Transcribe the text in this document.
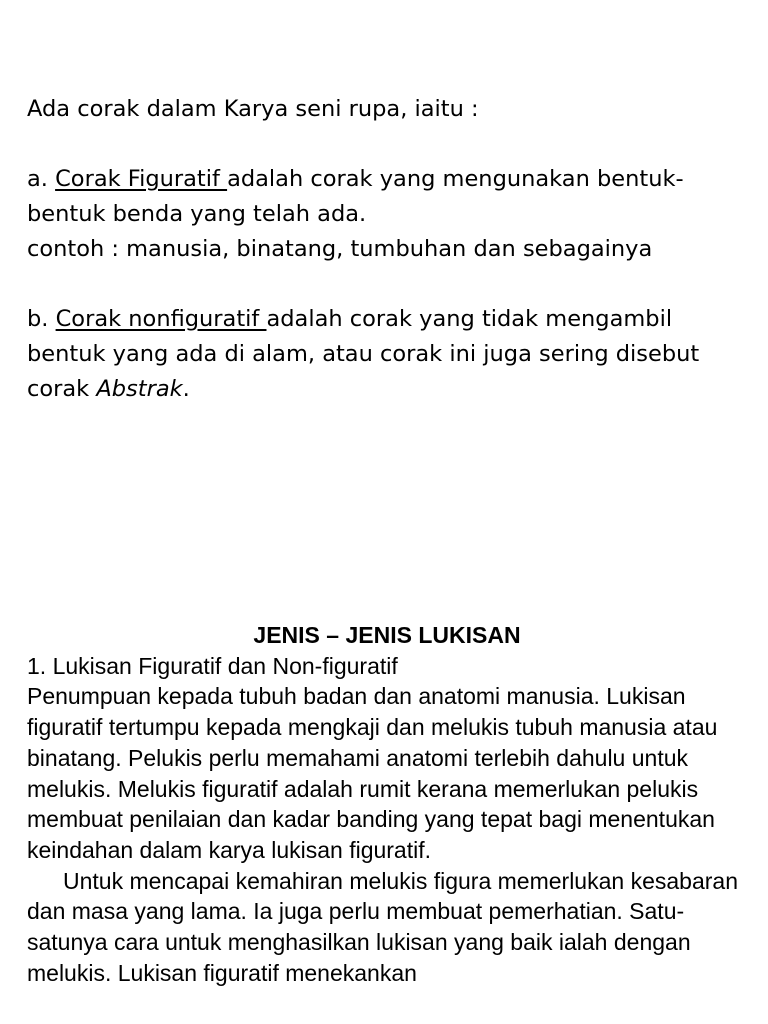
Ada corak dalam Karya seni rupa, iaitu :

a. Corak Figuratif adalah corak yang mengunakan bentuk-bentuk benda yang telah ada.

contoh : manusia, binatang, tumbuhan dan sebagainya

b. Corak nonfiguratif adalah corak yang tidak mengambil bentuk yang ada di alam, atau corak ini juga sering disebut corak Abstrak.

JENIS – JENIS LUKISAN

1. Lukisan Figuratif dan Non-figuratif

Penumpuan kepada tubuh badan dan anatomi manusia. Lukisan figuratif tertumpu kepada mengkaji dan melukis tubuh manusia atau binatang. Pelukis perlu memahami anatomi terlebih dahulu untuk melukis. Melukis figuratif adalah rumit kerana memerlukan pelukis membuat penilaian dan kadar banding yang tepat bagi menentukan keindahan dalam karya lukisan figuratif.

Untuk mencapai kemahiran melukis figura memerlukan kesabaran dan masa yang lama. Ia juga perlu membuat pemerhatian. Satu-satunya cara untuk menghasilkan lukisan yang baik ialah dengan melukis. Lukisan figuratif menekankan
